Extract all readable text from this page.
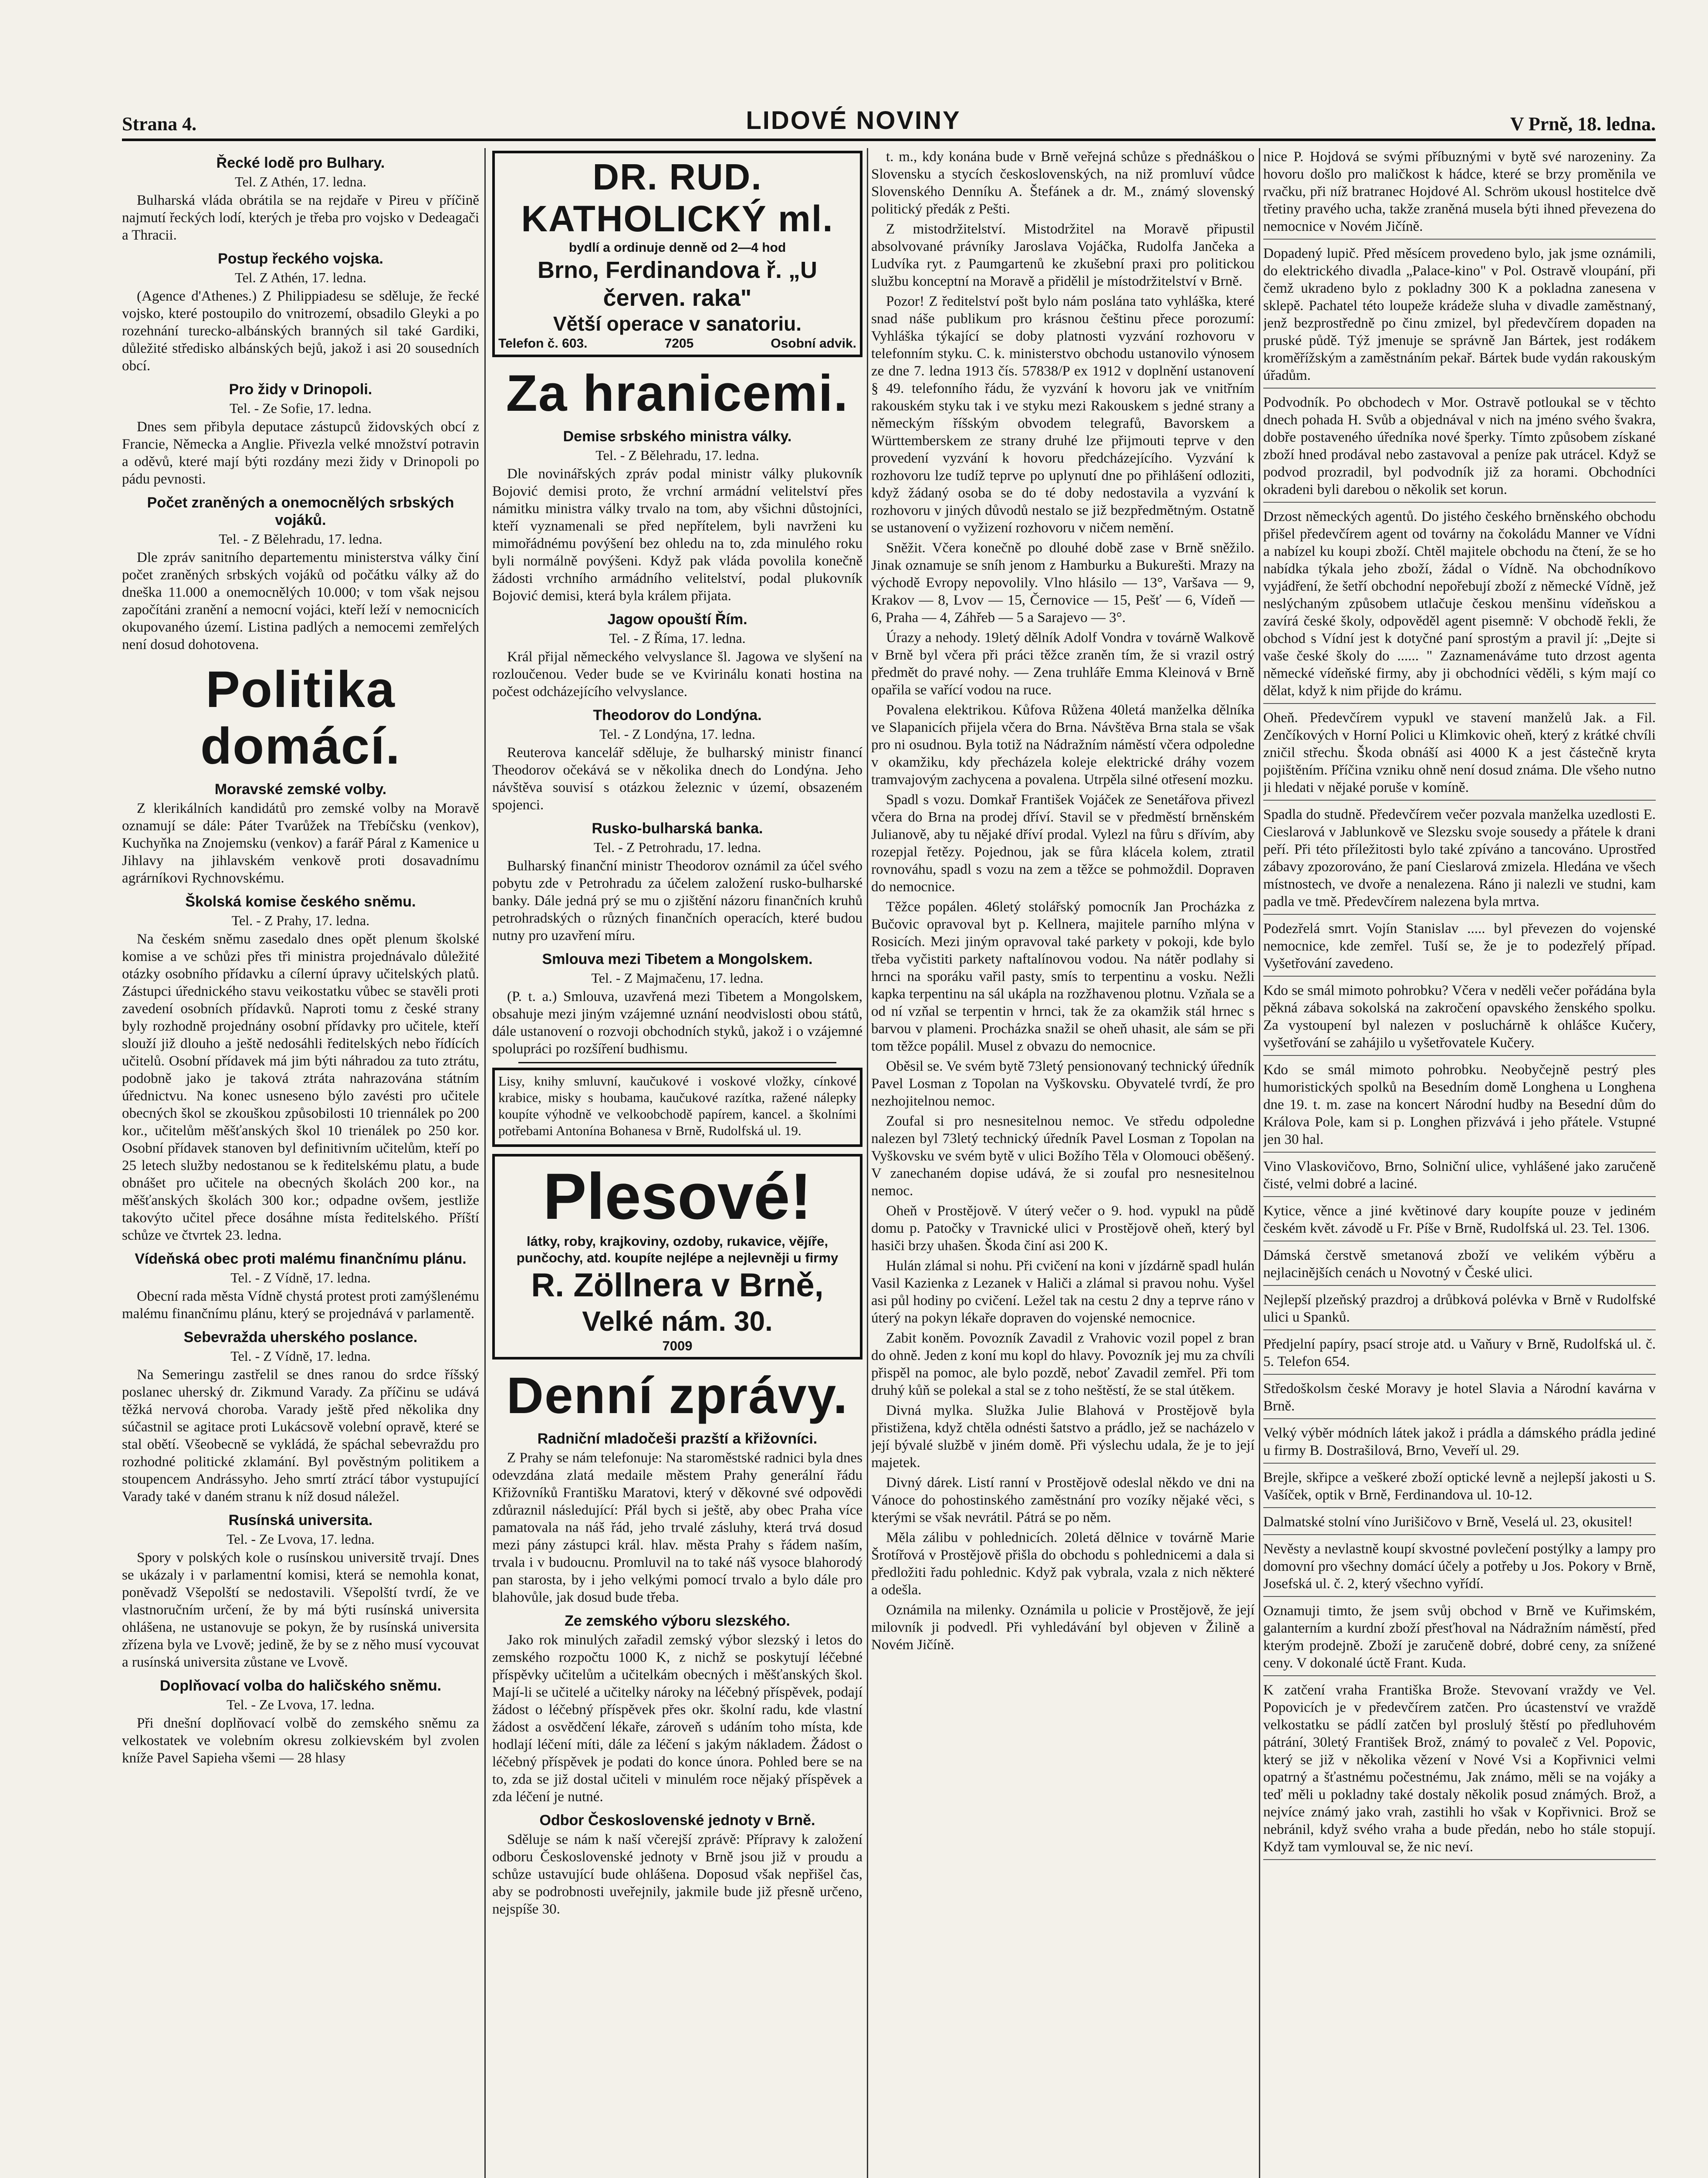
Strana 4.	LIDOVÉ NOVINY	V Prně, 18. ledna.
Řecké lodě pro Bulhary.
Tel. Z Athén, 17. ledna.

Bulharská vláda obrátila se na rejdaře v Pireu v příčině najmutí řeckých lodí, kterých je třeba pro vojsko v Dedeagači a Thracii.

Postup řeckého vojska.
Tel. Z Athén, 17. ledna.

(Agence d'Athenes.) Z Philippiadesu se sděluje, že řecké vojsko, které postoupilo do vnitrozemí, obsadilo Gleyki a po rozehnání turecko-albánských branných sil také Gardiki, důležité středisko albánských bejů, jakož i asi 20 sousedních obcí.

Pro židy v Drinopoli.
Tel. - Ze Sofie, 17. ledna.

Dnes sem přibyla deputace zástupců židovských obcí z Francie, Německa a Anglie. Přivezla velké množství potravin a oděvů, které mají býti rozdány mezi židy v Drinopoli po pádu pevnosti.

Počet zraněných a onemocnělých srbských vojáků.
Tel. - Z Bělehradu, 17. ledna.

Dle zpráv sanitního departementu ministerstva války činí počet zraněných srbských vojáků od počátku války až do dneška 11.000 a onemocnělých 10.000; v tom však nejsou započítáni zranění a nemocní vojáci, kteří leží v nemocnicích okupovaného území. Listina padlých a nemocemi zemřelých není dosud dohotovena.

Politika domácí.
Moravské zemské volby.

Z klerikálních kandidátů pro zemské volby na Moravě oznamují se dále: Páter Tvarůžek na Třebíčsku (venkov), Kuchyňka na Znojemsku (venkov) a farář Páral z Kamenice u Jihlavy na jihlavském venkově proti dosavadnímu agrárníkovi Rychnovskému.

Školská komise českého sněmu.
Tel. - Z Prahy, 17. ledna.

Na českém sněmu zasedalo dnes opět plenum školské komise a ve schůzi přes tři ministra projednávalo důležité otázky osobního přídavku a cílerní úpravy učitelských platů. Zástupci úřednického stavu veikostatku vůbec se stavěli proti zavedení osobních přídavků. Naproti tomu z české strany byly rozhodně projednány osobní přídavky pro učitele, kteří slouží již dlouho a ještě nedosáhli ředitelských nebo řídících učitelů. Osobní přídavek má jim býti náhradou za tuto ztrátu, podobně jako je taková ztráta nahrazována státním úřednictvu. Na konec usneseno býlo zavésti pro učitele obecných škol se zkouškou způsobilosti 10 triennálek po 200 kor., učitelům měšťanských škol 10 trienálek po 250 kor. Osobní přídavek stanoven byl definitivním učitelům, kteří po 25 letech služby nedostanou se k ředitelskému platu, a bude obnášet pro učitele na obecných školách 200 kor., na měšťanských školách 300 kor.; odpadne ovšem, jestliže takovýto učitel přece dosáhne místa ředitelského. Příští schůze ve čtvrtek 23. ledna.

Vídeňská obec proti malému finančnímu plánu.
Tel. - Z Vídně, 17. ledna.

Obecní rada města Vídně chystá protest proti zamýšlenému malému finančnímu plánu, který se projednává v parlamentě.

Sebevražda uherského poslance.
Tel. - Z Vídně, 17. ledna.

Na Semeringu zastřelil se dnes ranou do srdce říšský poslanec uherský dr. Zikmund Varady. Za příčinu se udává těžká nervová choroba. Varady ještě před několika dny súčastnil se agitace proti Lukácsově volební opravě, které se stal obětí. Všeobecně se vykládá, že spáchal sebevraždu pro rozhodné politické zklamání. Byl pověstným politikem a stoupencem Andrássyho. Jeho smrtí ztrácí tábor vystupující Varady také v daném stranu k níž dosud náležel.

Rusínská universita.
Tel. - Ze Lvova, 17. ledna.

Spory v polských kole o rusínskou universitě trvají. Dnes se ukázaly i v parlamentní komisi, která se nemohla konat, poněvadž Všepolští se nedostavili. Všepolští tvrdí, že ve vlastnoručním určení, že by má býti rusínská universita ohlášena, ne ustanovuje se pokyn, že by rusínská universita zřízena byla ve Lvově; jedině, že by se z něho musí vycouvat a rusínská universita zůstane ve Lvově.

Doplňovací volba do haličského sněmu.
Tel. - Ze Lvova, 17. ledna.

Při dnešní doplňovací volbě do zemského sněmu za velkostatek ve volebním okresu zolkievském byl zvolen kníže Pavel Sapieha všemi — 28 hlasy

DR. RUD. KATHOLICKÝ ml.
bydlí a ordinuje denně od 2—4 hod
Brno, Ferdinandova ř. „U červen. raka"
Větší operace v sanatoriu.
Telefon č. 603.	7205	Osobní advik.
Za hranicemi.
Demise srbského ministra války.
Tel. - Z Bělehradu, 17. ledna.

Dle novinářských zpráv podal ministr války plukovník Bojović demisi proto, že vrchní armádní velitelství přes námitku ministra války trvalo na tom, aby všichni důstojníci, kteří vyznamenali se před nepřítelem, byli navrženi ku mimořádnému povýšení bez ohledu na to, zda minulého roku byli normálně povýšeni. Když pak vláda povolila konečně žádosti vrchního armádního velitelství, podal plukovník Bojović demisi, která byla králem přijata.

Jagow opouští Řím.
Tel. - Z Říma, 17. ledna.

Král přijal německého velvyslance šl. Jagowa ve slyšení na rozloučenou. Veder bude se ve Kvirinálu konati hostina na počest odcházejícího velvyslance.

Theodorov do Londýna.
Tel. - Z Londýna, 17. ledna.

Reuterova kancelář sděluje, že bulharský ministr financí Theodorov očekává se v několika dnech do Londýna. Jeho návštěva souvisí s otázkou železnic v území, obsazeném spojenci.

Rusko-bulharská banka.
Tel. - Z Petrohradu, 17. ledna.

Bulharský finanční ministr Theodorov oznámil za účel svého pobytu zde v Petrohradu za účelem založení rusko-bulharské banky. Dále jedná prý se mu o zjištění názoru finančních kruhů petrohradských o různých finančních operacích, které budou nutny pro uzavření míru.

Smlouva mezi Tibetem a Mongolskem.
Tel. - Z Majmačenu, 17. ledna.

(P. t. a.) Smlouva, uzavřená mezi Tibetem a Mongolskem, obsahuje mezi jiným vzájemné uznání neodvislosti obou států, dále ustanovení o rozvoji obchodních styků, jakož i o vzájemné spolupráci po rozšíření budhismu.

Lisy, knihy smluvní, kaučukové i voskové vložky, cínkové krabice, misky s houbama, kaučukové razítka, ražené nálepky koupíte výhodně ve velkoobchodě papírem, kancel. a školními potřebami Antonína Bohanesa v Brně, Rudolfská ul. 19.

Plesové!
látky, roby, krajkoviny, ozdoby, rukavice, vějíře, punčochy, atd. koupíte nejlépe a nejlevněji u firmy
R. Zöllnera v Brně,
Velké nám. 30.
7009
Denní zprávy.
Radniční mladočeši prazští a křižovníci.

Z Prahy se nám telefonuje: Na staroměstské radnici byla dnes odevzdána zlatá medaile městem Prahy generální řádu Křižovníků Františku Maratovi, který v děkovné své odpovědi zdůraznil následující: Přál bych si ještě, aby obec Praha více pamatovala na náš řád, jeho trvalé zásluhy, která trvá dosud mezi pány zástupci král. hlav. města Prahy s řádem naším, trvala i v budoucnu. Promluvil na to také náš vysoce blahorodý pan starosta, by i jeho velkými pomocí trvalo a bylo dále pro blahovůle, jak dosud bude třeba.

Ze zemského výboru slezského.

Jako rok minulých zařadil zemský výbor slezský i letos do zemského rozpočtu 1000 K, z nichž se poskytují léčebné příspěvky učitelům a učitelkám obecných i měšťanských škol. Mají-li se učitelé a učitelky nároky na léčebný příspěvek, podají žádost o léčebný příspěvek přes okr. školní radu, kde vlastní žádost a osvědčení lékaře, zároveň s udáním toho místa, kde hodlají léčení míti, dále za léčení s jakým nákladem. Žádost o léčebný příspěvek je podati do konce února. Pohled bere se na to, zda se již dostal učiteli v minulém roce nějaký příspěvek a zda léčení je nutné.

Odbor Československé jednoty v Brně.

Sděluje se nám k naší včerejší zprávě: Přípravy k založení odboru Československé jednoty v Brně jsou již v proudu a schůze ustavující bude ohlášena. Doposud však nepřišel čas, aby se podrobnosti uveřejnily, jakmile bude již přesně určeno, nejspíše 30.

t. m., kdy konána bude v Brně veřejná schůze s přednáškou o Slovensku a stycích československých, na niž promluví vůdce Slovenského Denníku A. Štefánek a dr. M., známý slovenský politický předák z Pešti.

Z mistodržitelství. Mistodržitel na Moravě připustil absolvované právníky Jaroslava Vojáčka, Rudolfa Jančeka a Ludvíka ryt. z Paumgartenů ke zkušební praxi pro politickou službu konceptní na Moravě a přidělil je místodržitelství v Brně.

Pozor! Z ředitelství pošt bylo nám poslána tato vyhláška, které snad náše publikum pro krásnou češtinu přece porozumí: Vyhláška týkající se doby platnosti vyzvání rozhovoru v telefonním styku. C. k. ministerstvo obchodu ustanovilo výnosem ze dne 7. ledna 1913 čís. 57838/P ex 1912 v doplnění ustanovení § 49. telefonního řádu, že vyzvání k hovoru jak ve vnitřním rakouském styku tak i ve styku mezi Rakouskem s jedné strany a německým říšským obvodem telegrafů, Bavorskem a Württemberskem ze strany druhé lze přijmouti teprve v den provedení vyzvání k hovoru předcházejícího. Vyzvání k rozhovoru lze tudíž teprve po uplynutí dne po přihlášení odloziti, když žádaný osoba se do té doby nedostavila a vyzvání k rozhovoru v jiných důvodů nestalo se již bezpředmětným. Ostatně se ustanovení o vyžizení rozhovoru v ničem nemění.

Sněžit. Včera konečně po dlouhé době zase v Brně sněžilo. Jinak oznamuje se sníh jenom z Hamburku a Bukurešti. Mrazy na východě Evropy nepovolily. Vlno hlásilo — 13°, Varšava — 9, Krakov — 8, Lvov — 15, Černovice — 15, Pešť — 6, Vídeň — 6, Praha — 4, Záhřeb — 5 a Sarajevo — 3°.

Úrazy a nehody. 19letý dělník Adolf Vondra v továrně Walkově v Brně byl včera při práci těžce zraněn tím, že si vrazil ostrý předmět do pravé nohy. — Zena truhláře Emma Kleinová v Brně opařila se vařící vodou na ruce.

Povalena elektrikou. Kůfova Růžena 40letá manželka dělníka ve Slapanicích přijela včera do Brna. Návštěva Brna stala se však pro ni osudnou. Byla totiž na Nádražním náměstí včera odpoledne v okamžiku, kdy přecházela koleje elektrické dráhy vozem tramvajovým zachycena a povalena. Utrpěla silné otřesení mozku.

Spadl s vozu. Domkař František Vojáček ze Senetářova přivezl včera do Brna na prodej dříví. Stavil se v předměstí brněnském Julianově, aby tu nějaké dříví prodal. Vylezl na fůru s dřívím, aby rozepjal řetězy. Pojednou, jak se fůra klácela kolem, ztratil rovnováhu, spadl s vozu na zem a těžce se pohmoždil. Dopraven do nemocnice.

Těžce popálen. 46letý stolářský pomocník Jan Procházka z Bučovic opravoval byt p. Kellnera, majitele parního mlýna v Rosicích. Mezi jiným opravoval také parkety v pokoji, kde bylo třeba vyčistiti parkety naftalínovou vodou. Na nátěr podlahy si hrnci na sporáku vařil pasty, smís to terpentinu a vosku. Nežli kapka terpentinu na sál ukápla na rozžhavenou plotnu. Vzňala se a od ní vzňal se terpentin v hrnci, tak že za okamžik stál hrnec s barvou v plameni. Procházka snažil se oheň uhasit, ale sám se při tom těžce popálil. Musel z obvazu do nemocnice.

Oběsil se. Ve svém bytě 73letý pensionovaný technický úředník Pavel Losman z Topolan na Vyškovsku. Obyvatelé tvrdí, že pro nezhojitelnou nemoc.

Zoufal si pro nesnesitelnou nemoc. Ve středu odpoledne nalezen byl 73letý technický úředník Pavel Losman z Topolan na Vyškovsku ve svém bytě v ulici Božího Těla v Olomouci oběšený. V zanechaném dopise udává, že si zoufal pro nesnesitelnou nemoc.

Oheň v Prostějově. V úterý večer o 9. hod. vypukl na půdě domu p. Patočky v Travnické ulici v Prostějově oheň, který byl hasiči brzy uhašen. Škoda činí asi 200 K.

Hulán zlámal si nohu. Při cvičení na koni v jízdárně spadl hulán Vasil Kazienka z Lezanek v Haliči a zlámal si pravou nohu. Vyšel asi půl hodiny po cvičení. Ležel tak na cestu 2 dny a teprve ráno v úterý na pokyn lékaře dopraven do vojenské nemocnice.

Zabit koněm. Povozník Zavadil z Vrahovic vozil popel z bran do ohně. Jeden z koní mu kopl do hlavy. Povozník jej mu za chvíli přispěl na pomoc, ale bylo pozdě, neboť Zavadil zemřel. Při tom druhý kůň se polekal a stal se z toho neštěstí, že se stal útěkem.

Divná mylka. Služka Julie Blahová v Prostějově byla přistižena, když chtěla odnésti šatstvo a prádlo, jež se nacházelo v její bývalé službě v jiném domě. Při výslechu udala, že je to její majetek.

Divný dárek. Listí ranní v Prostějově odeslal někdo ve dni na Vánoce do pohostinského zaměstnání pro vozíky nějaké věci, s kterými se však nevrátil. Pátrá se po něm.

Měla zálibu v pohlednicích. 20letá dělnice v továrně Marie Šrotířová v Prostějově přišla do obchodu s pohlednicemi a dala si předložiti řadu pohlednic. Když pak vybrala, vzala z nich některé a odešla.

Oznámila na milenky. Oznámila u policie v Prostějově, že její milovník ji podvedl. Při vyhledávání byl objeven v Žilině a Novém Jičíně.

nice P. Hojdová se svými příbuznými v bytě své narozeniny. Za hovoru došlo pro maličkost k hádce, které se brzy proměnila ve rvačku, při níž bratranec Hojdové Al. Schröm ukousl hostitelce dvě třetiny pravého ucha, takže zraněná musela býti ihned převezena do nemocnice v Novém Jičíně.

Dopadený lupič. Před měsícem provedeno bylo, jak jsme oznámili, do elektrického divadla „Palace-kino" v Pol. Ostravě vloupání, při čemž ukradeno bylo z pokladny 300 K a pokladna zanesena v sklepě. Pachatel této loupeže krádeže sluha v divadle zaměstnaný, jenž bezprostředně po činu zmizel, byl předevčírem dopaden na pruské půdě. Týž jmenuje se správně Jan Bártek, jest rodákem kroměřížským a zaměstnáním pekař. Bártek bude vydán rakouským úřadům.

Podvodník. Po obchodech v Mor. Ostravě potloukal se v těchto dnech pohada H. Svůb a objednával v nich na jméno svého švakra, dobře postaveného úředníka nové šperky. Tímto způsobem získané zboží hned prodával nebo zastavoval a peníze pak utrácel. Když se podvod prozradil, byl podvodník již za horami. Obchodníci okradeni byli darebou o několik set korun.

Drzost německých agentů. Do jistého českého brněnského obchodu přišel předevčírem agent od továrny na čokoládu Manner ve Vídni a nabízel ku koupi zboží. Chtěl majitele obchodu na čtení, že se ho nabídka týkala jeho zboží, žádal o Vídně. Na obchodníkovo vyjádření, že šetří obchodní nepořebují zboží z německé Vídně, jež neslýchaným způsobem utlačuje českou menšinu vídeňskou a zavírá české školy, odpověděl agent pisemně: V obchodě řekli, že obchod s Vídní jest k dotyčné paní sprostým a pravil jí: „Dejte si vaše české školy do ...... " Zaznamenáváme tuto drzost agenta německé vídeňské firmy, aby ji obchodníci věděli, s kým mají co dělat, když k nim přijde do krámu.

Oheň. Předevčírem vypukl ve stavení manželů Jak. a Fil. Zenčíkových v Horní Polici u Klimkovic oheň, který z krátké chvíli zničil střechu. Škoda obnáší asi 4000 K a jest částečně kryta pojištěním. Příčina vzniku ohně není dosud známa. Dle všeho nutno ji hledati v nějaké poruše v komíně.

Spadla do studně. Předevčírem večer pozvala manželka uzedlosti E. Cieslarová v Jablunkově ve Slezsku svoje sousedy a přátele k drani peří. Při této příležitosti bylo také zpíváno a tancováno. Uprostřed zábavy zpozorováno, že paní Cieslarová zmizela. Hledána ve všech místnostech, ve dvoře a nenalezena. Ráno ji nalezli ve studni, kam padla ve tmě. Předevčírem nalezena byla mrtva.

Podezřelá smrt. Vojín Stanislav ..... byl převezen do vojenské nemocnice, kde zemřel. Tuší se, že je to podezřelý případ. Vyšetřování zavedeno.

Kdo se smál mimoto pohrobku? Včera v neděli večer pořádána byla pěkná zábava sokolská na zakročení opavského ženského spolku. Za vystoupení byl nalezen v posluchárně k ohlášce Kučery, vyšetřování se zahájilo u vyšetřovatele Kučery.

Kdo se smál mimoto pohrobku. Neobyčejně pestrý ples humoristických spolků na Besedním domě Longhena u Longhena dne 19. t. m. zase na koncert Národní hudby na Besední dům do Králova Pole, kam si p. Longhen přizvává i jeho přátele. Vstupné jen 30 hal.

Vino Vlaskovičovo, Brno, Solniční ulice, vyhlášené jako zaručeně čisté, velmi dobré a laciné.

Kytice, věnce a jiné květinové dary koupíte pouze v jediném českém květ. závodě u Fr. Píše v Brně, Rudolfská ul. 23. Tel. 1306.

Dámská čerstvě smetanová zboží ve velikém výběru a nejlacinějších cenách u Novotný v České ulici.

Nejlepší plzeňský prazdroj a drůbková polévka v Brně v Rudolfské ulici u Spanků.

Předjelní papíry, psací stroje atd. u Vaňury v Brně, Rudolfská ul. č. 5. Telefon 654.

Středoškolsm české Moravy je hotel Slavia a Národní kavárna v Brně.

Velký výběr módních látek jakož i prádla a dámského prádla jediné u firmy B. Dostrašilová, Brno, Veveří ul. 29.

Brejle, skřipce a veškeré zboží optické levně a nejlepší jakosti u S. Vašíček, optik v Brně, Ferdinandova ul. 10-12.

Dalmatské stolní víno Jurišičovo v Brně, Veselá ul. 23, okusitel!

Nevěsty a nevlastně koupí skvostné povlečení postýlky a lampy pro domovní pro všechny domácí účely a potřeby u Jos. Pokory v Brně, Josefská ul. č. 2, který všechno vyřídí.

Oznamuji timto, že jsem svůj obchod v Brně ve Kuřimském, galanterním a kurdní zboží přesťhoval na Nádražním náměstí, před kterým prodejně. Zboží je zaručeně dobré, dobré ceny, za snížené ceny. V dokonalé úctě Frant. Kuda.

K zatčení vraha Františka Brože. Stevovaní vraždy ve Vel. Popovicích je v předevčírem zatčen. Pro úcastenství ve vraždě velkostatku se pádlí zatčen byl proslulý štěstí po předluhovém pátrání, 30letý František Brož, známý to povaleč z Vel. Popovic, který se již v několika vězení v Nové Vsi a Kopřivnici velmi opatrný a šťastnému počestnému, Jak známo, měli se na vojáky a teď měli u pokladny také dostaly několik posud známých. Brož, a nejvíce známý jako vrah, zastihli ho však v Kopřivnici. Brož se nebránil, když svého vraha a bude předán, nebo ho stále stopují. Když tam vymlouval se, že nic neví.
